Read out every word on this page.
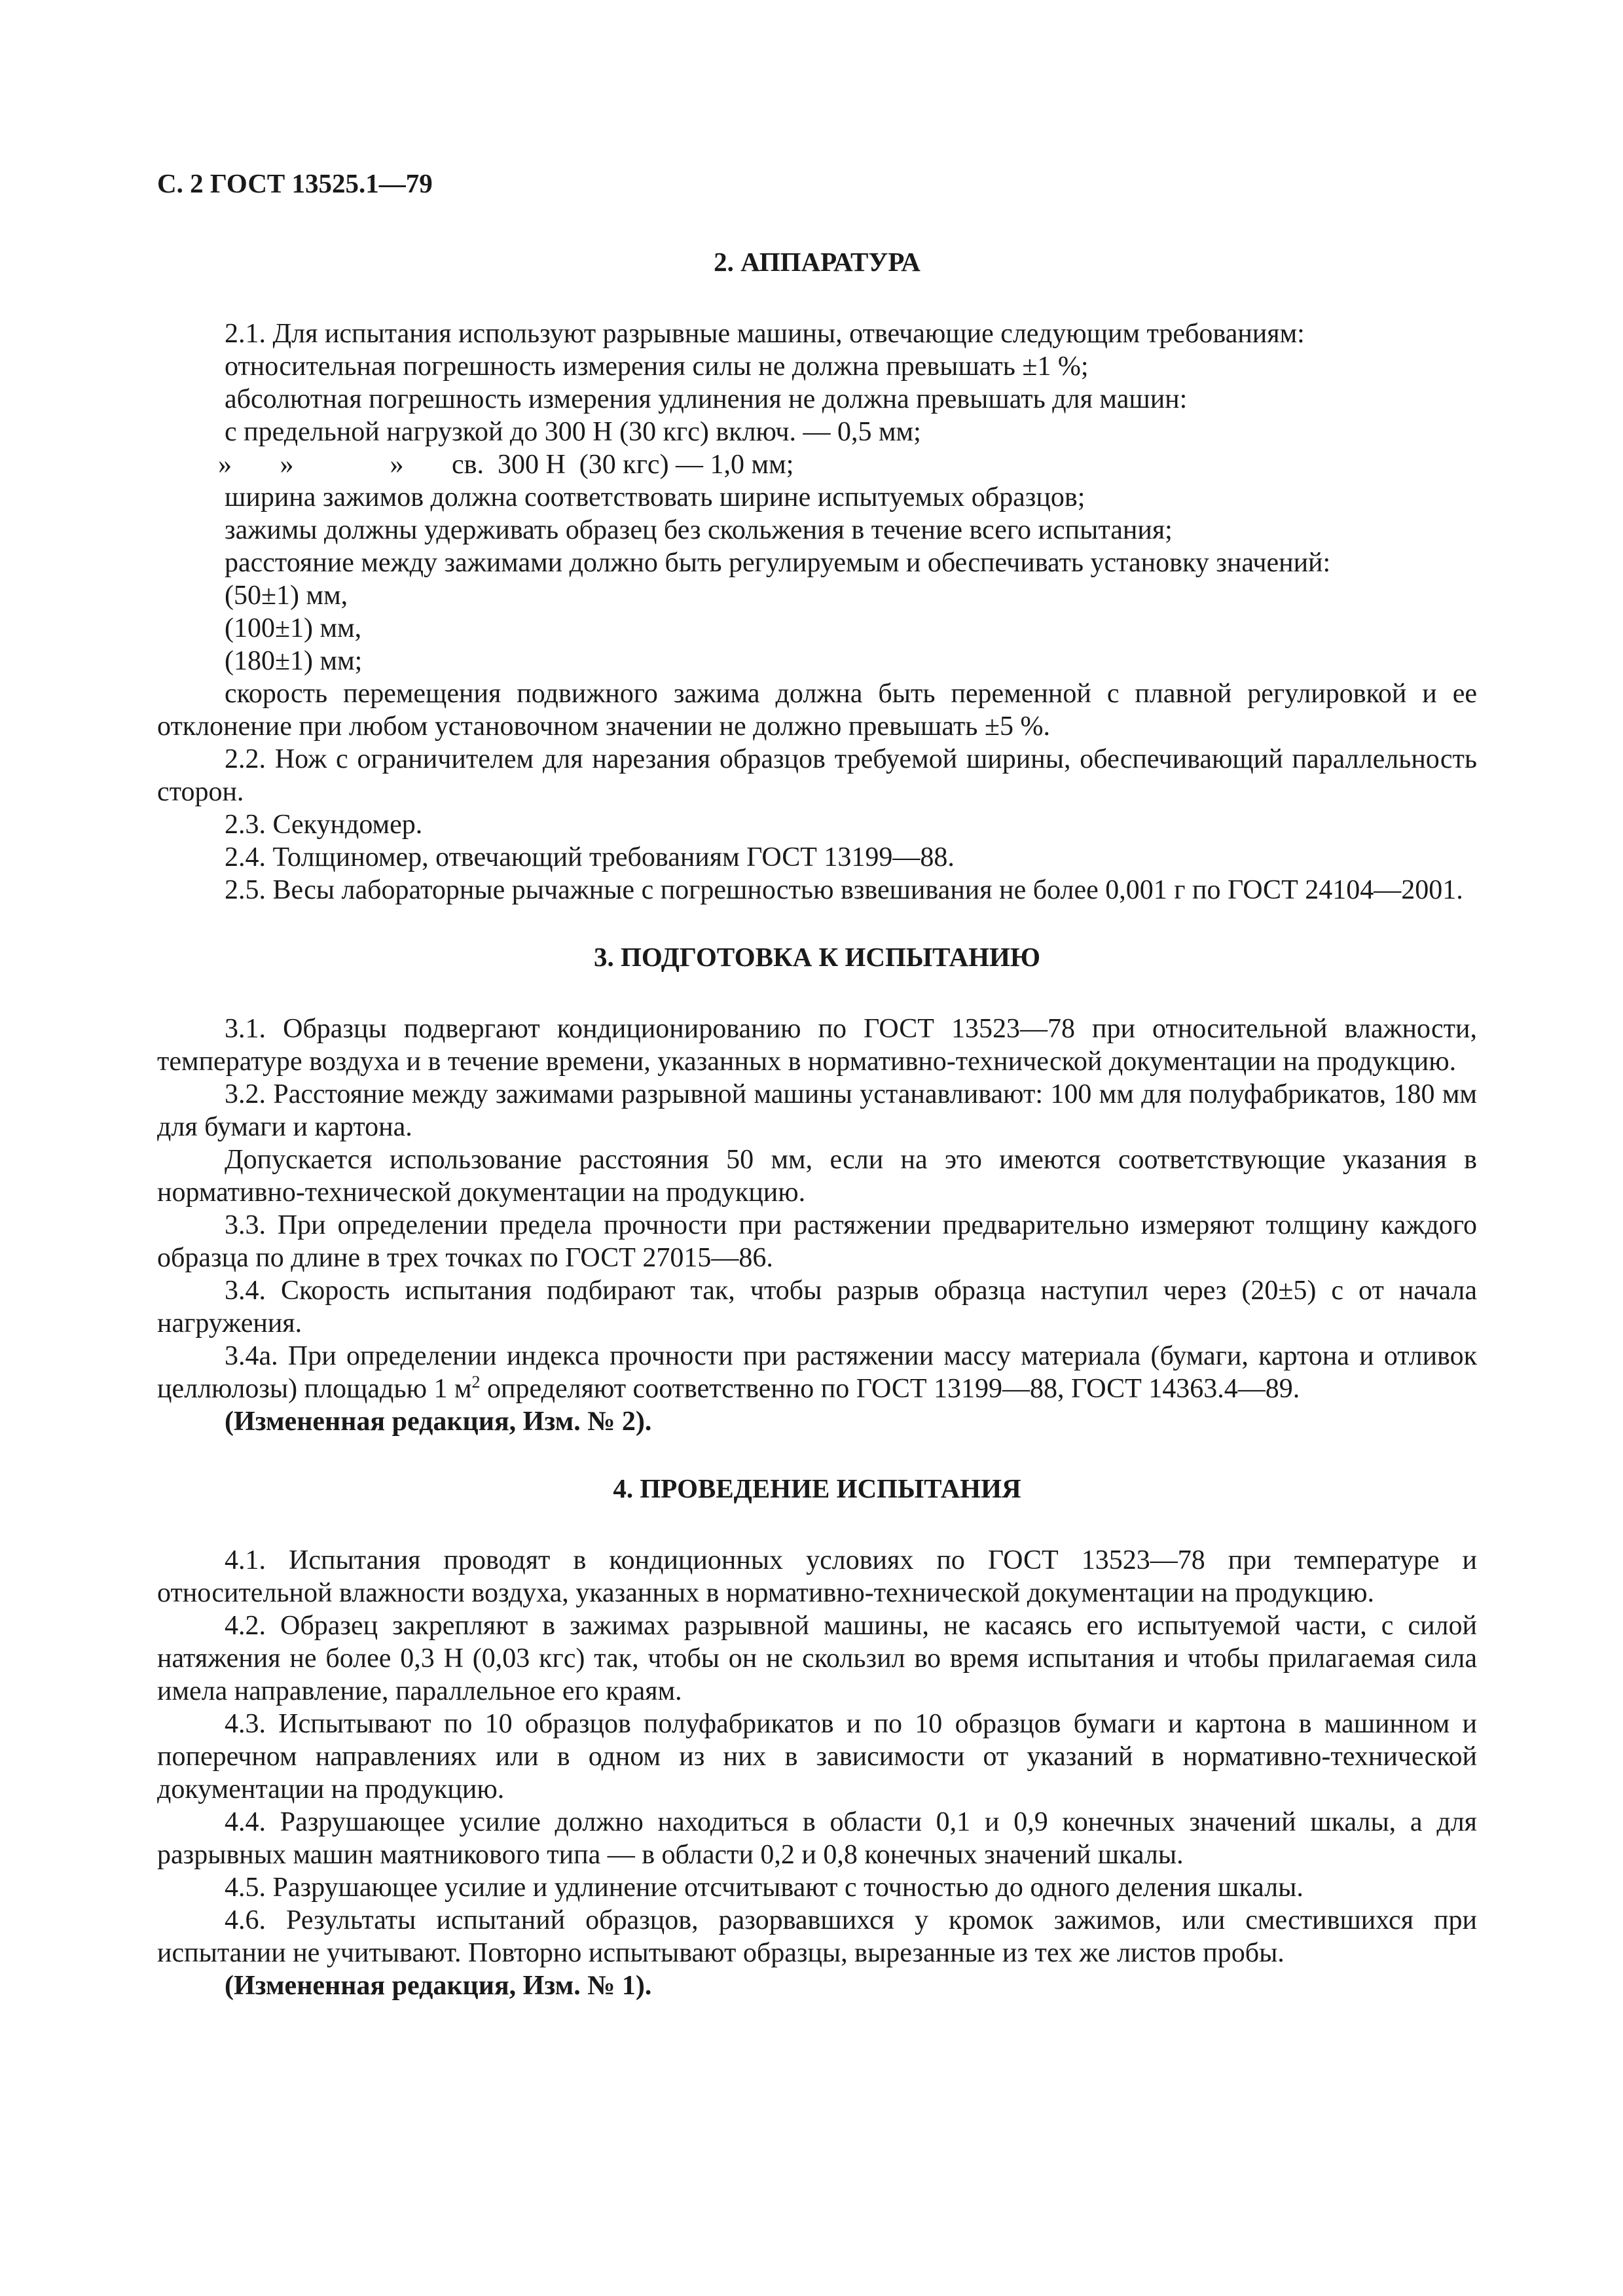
С. 2 ГОСТ 13525.1—79
2. АППАРАТУРА

2.1. Для испытания используют разрывные машины, отвечающие следующим требованиям:

относительная погрешность измерения силы не должна превышать ±1 %;

абсолютная погрешность измерения удлинения не должна превышать для машин:

с предельной нагрузкой до 300 Н (30 кгс) включ. — 0,5 мм;

»       »              »       св.  300 Н  (30 кгс) — 1,0 мм;

ширина зажимов должна соответствовать ширине испытуемых образцов;

зажимы должны удерживать образец без скольжения в течение всего испытания;

расстояние между зажимами должно быть регулируемым и обеспечивать установку значений:

(50±1) мм,

(100±1) мм,

(180±1) мм;

скорость перемещения подвижного зажима должна быть переменной с плавной регулировкой и ее отклонение при любом установочном значении не должно превышать ±5 %.

2.2. Нож с ограничителем для нарезания образцов требуемой ширины, обеспечивающий параллельность сторон.

2.3. Секундомер.

2.4. Толщиномер, отвечающий требованиям ГОСТ 13199—88.

2.5. Весы лабораторные рычажные с погрешностью взвешивания не более 0,001 г по ГОСТ 24104—2001.

3. ПОДГОТОВКА К ИСПЫТАНИЮ

3.1. Образцы подвергают кондиционированию по ГОСТ 13523—78 при относительной влажности, температуре воздуха и в течение времени, указанных в нормативно-технической документации на продукцию.

3.2. Расстояние между зажимами разрывной машины устанавливают: 100 мм для полуфабрикатов, 180 мм для бумаги и картона.

Допускается использование расстояния 50 мм, если на это имеются соответствующие указания в нормативно-технической документации на продукцию.

3.3. При определении предела прочности при растяжении предварительно измеряют толщину каждого образца по длине в трех точках по ГОСТ 27015—86.

3.4. Скорость испытания подбирают так, чтобы разрыв образца наступил через (20±5) с от начала нагружения.

3.4а. При определении индекса прочности при растяжении массу материала (бумаги, картона и отливок целлюлозы) площадью 1 $м^2$ определяют соответственно по ГОСТ 13199—88, ГОСТ 14363.4—89.

(Измененная редакция, Изм. № 2).

4. ПРОВЕДЕНИЕ ИСПЫТАНИЯ

4.1. Испытания проводят в кондиционных условиях по ГОСТ 13523—78 при температуре и относительной влажности воздуха, указанных в нормативно-технической документации на продукцию.

4.2. Образец закрепляют в зажимах разрывной машины, не касаясь его испытуемой части, с силой натяжения не более 0,3 Н (0,03 кгс) так, чтобы он не скользил во время испытания и чтобы прилагаемая сила имела направление, параллельное его краям.

4.3. Испытывают по 10 образцов полуфабрикатов и по 10 образцов бумаги и картона в машинном и поперечном направлениях или в одном из них в зависимости от указаний в нормативно-технической документации на продукцию.

4.4. Разрушающее усилие должно находиться в области 0,1 и 0,9 конечных значений шкалы, а для разрывных машин маятникового типа — в области 0,2 и 0,8 конечных значений шкалы.

4.5. Разрушающее усилие и удлинение отсчитывают с точностью до одного деления шкалы.

4.6. Результаты испытаний образцов, разорвавшихся у кромок зажимов, или сместившихся при испытании не учитывают. Повторно испытывают образцы, вырезанные из тех же листов пробы.

(Измененная редакция, Изм. № 1).
